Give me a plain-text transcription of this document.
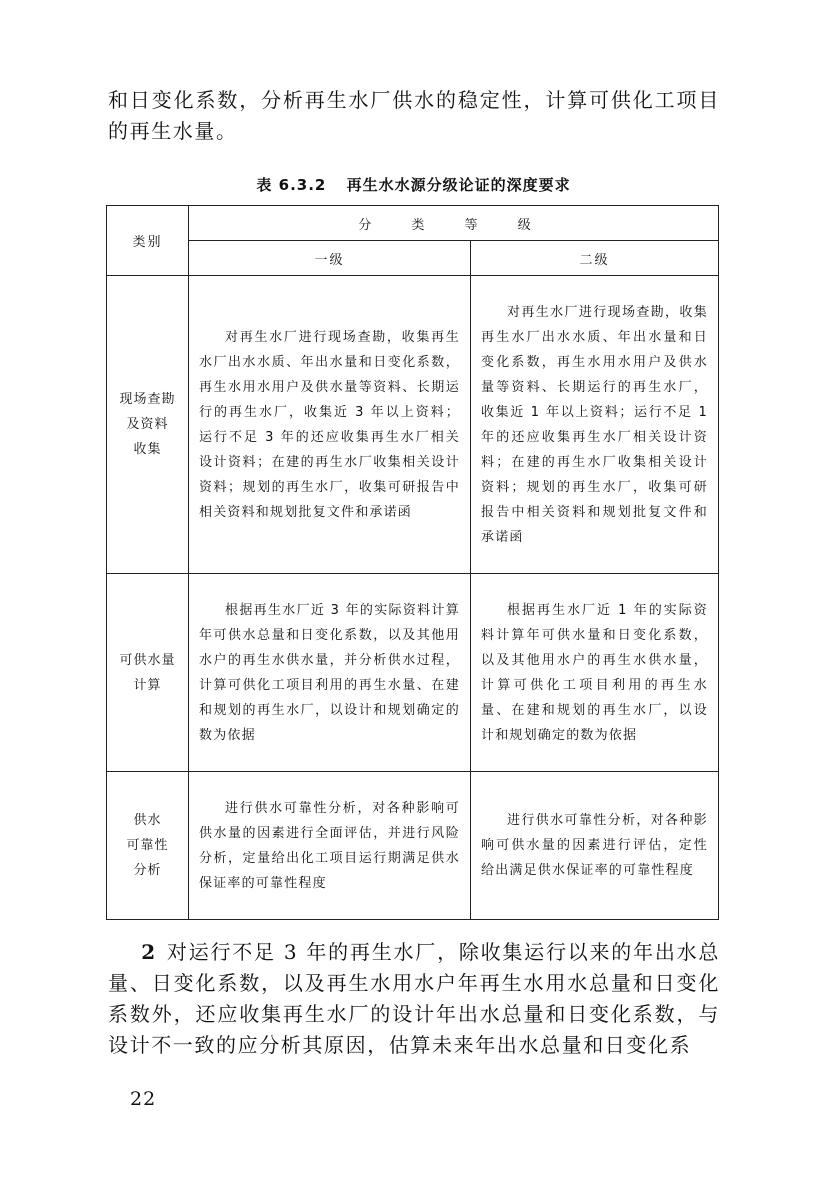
和日变化系数，分析再生水厂供水的稳定性，计算可供化工项目的再生水量。

表 6.3.2 再生水水源分级论证的深度要求
类别	分 类 等 级	
	一级	二级

现场查勘
及资料
收集	对再生水厂进行现场查勘，收集再生水厂出水水质、年出水量和日变化系数，再生水用水用户及供水量等资料、长期运行的再生水厂，收集近 3 年以上资料；运行不足 3 年的还应收集再生水厂相关设计资料；在建的再生水厂收集相关设计资料；规划的再生水厂，收集可研报告中相关资料和规划批复文件和承诺函	对再生水厂进行现场查勘，收集再生水厂出水水质、年出水量和日变化系数，再生水用水用户及供水量等资料、长期运行的再生水厂，收集近 1 年以上资料；运行不足 1 年的还应收集再生水厂相关设计资料；在建的再生水厂收集相关设计资料；规划的再生水厂，收集可研报告中相关资料和规划批复文件和承诺函

可供水量
计算	根据再生水厂近 3 年的实际资料计算年可供水总量和日变化系数，以及其他用水户的再生水供水量，并分析供水过程，计算可供化工项目利用的再生水量、在建和规划的再生水厂，以设计和规划确定的数为依据	根据再生水厂近 1 年的实际资料计算年可供水量和日变化系数，以及其他用水户的再生水供水量，计算可供化工项目利用的再生水量、在建和规划的再生水厂，以设计和规划确定的数为依据

供水
可靠性
分析	进行供水可靠性分析，对各种影响可供水量的因素进行全面评估，并进行风险分析，定量给出化工项目运行期满足供水保证率的可靠性程度	进行供水可靠性分析，对各种影响可供水量的因素进行评估，定性给出满足供水保证率的可靠性程度

  2 对运行不足 3 年的再生水厂，除收集运行以来的年出水总量、日变化系数，以及再生水用水户年再生水用水总量和日变化系数外，还应收集再生水厂的设计年出水总量和日变化系数，与设计不一致的应分析其原因，估算未来年出水总量和日变化系

22
